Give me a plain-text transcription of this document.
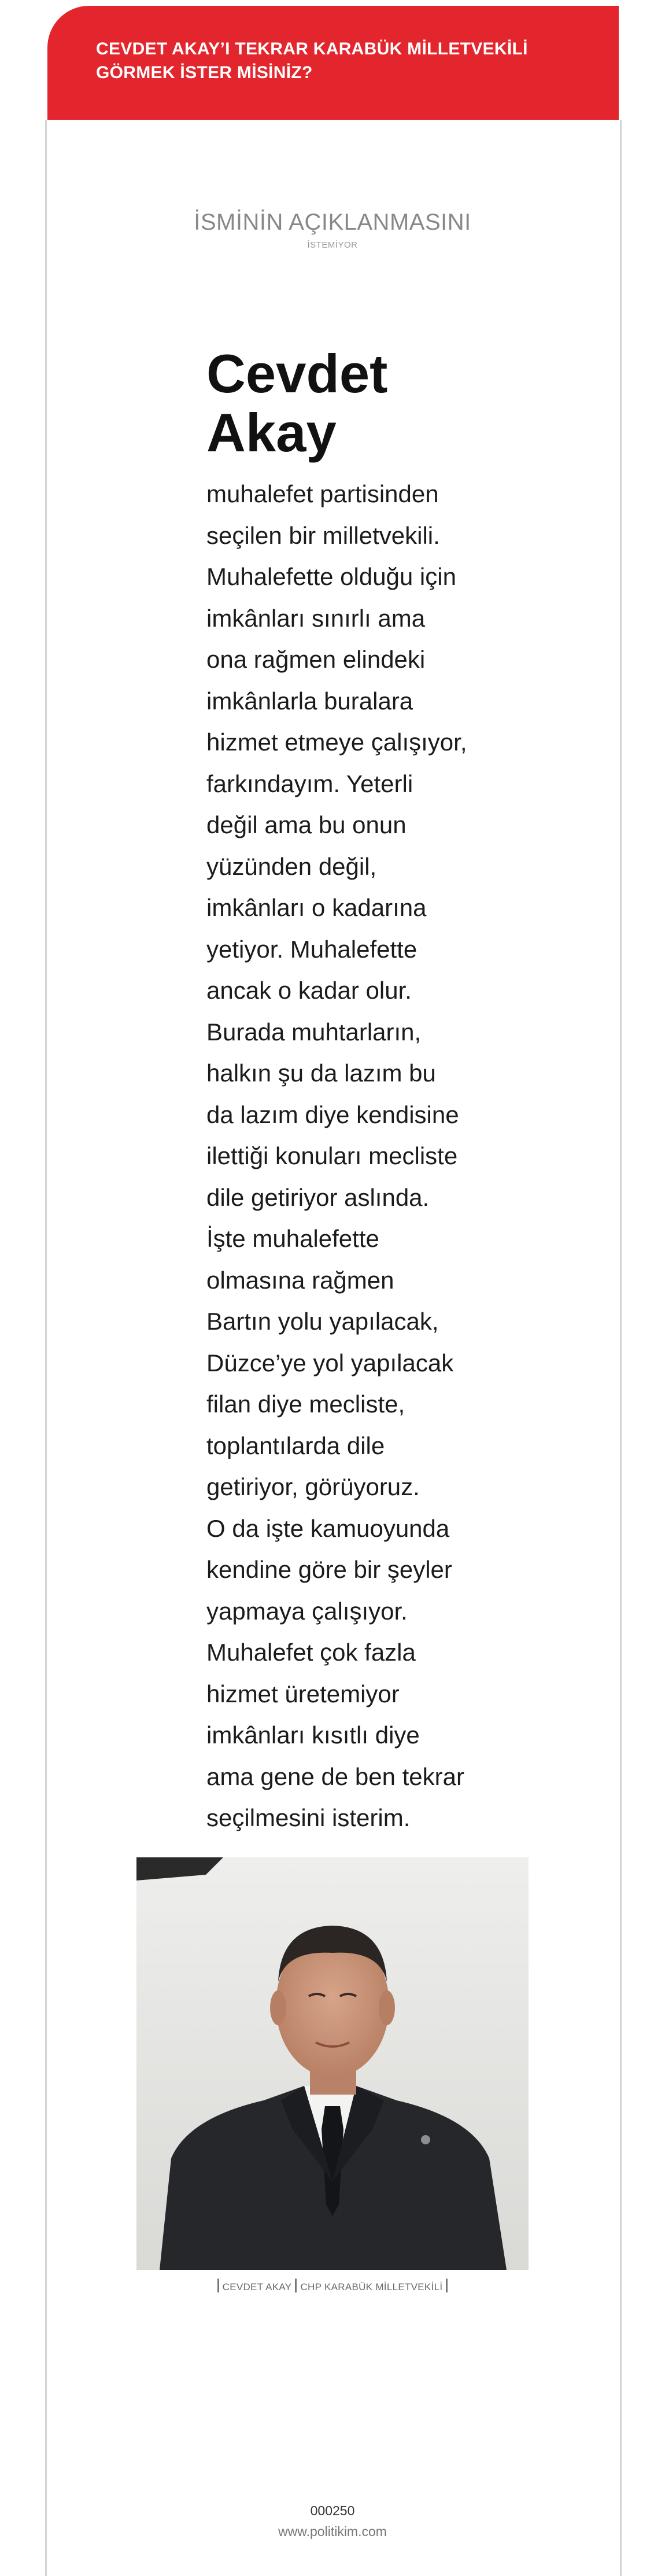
CEVDET AKAY’I TEKRAR KARABÜK MİLLETVEKİLİ
GÖRMEK İSTER MİSİNİZ?
İSMİNİN AÇIKLANMASINI
İSTEMİYOR
Cevdet
Akay
muhalefet partisinden
seçilen bir milletvekili.
Muhalefette olduğu için
imkânları sınırlı ama
ona rağmen elindeki
imkânlarla buralara
hizmet etmeye çalışıyor,
farkındayım. Yeterli
değil ama bu onun
yüzünden değil,
imkânları o kadarına
yetiyor. Muhalefette
ancak o kadar olur.
Burada muhtarların,
halkın şu da lazım bu
da lazım diye kendisine
ilettiği konuları mecliste
dile getiriyor aslında.
İşte muhalefette
olmasına rağmen
Bartın yolu yapılacak,
Düzce’ye yol yapılacak
filan diye mecliste,
toplantılarda dile
getiriyor, görüyoruz.
O da işte kamuoyunda
kendine göre bir şeyler
yapmaya çalışıyor.
Muhalefet çok fazla
hizmet üretemiyor
imkânları kısıtlı diye
ama gene de ben tekrar
seçilmesini isterim.
CEVDET AKAY CHP KARABÜK MİLLETVEKİLİ
000250
www.politikim.com
